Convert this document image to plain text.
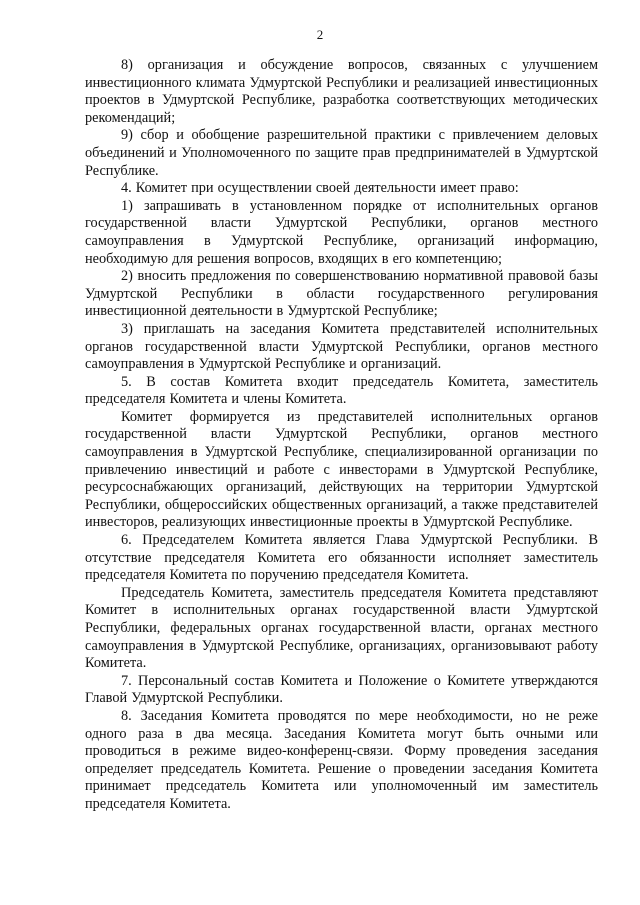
2

8) организация и обсуждение вопросов, связанных с улучшением инвестиционного климата Удмуртской Республики и реализацией инвестиционных проектов в Удмуртской Республике, разработка соответствующих методических рекомендаций;

9) сбор и обобщение разрешительной практики с привлечением деловых объединений и Уполномоченного по защите прав предпринимателей в Удмуртской Республике.

4. Комитет при осуществлении своей деятельности имеет право:

1) запрашивать в установленном порядке от исполнительных органов государственной власти Удмуртской Республики, органов местного самоуправления в Удмуртской Республике, организаций информацию, необходимую для решения вопросов, входящих в его компетенцию;

2) вносить предложения по совершенствованию нормативной правовой базы Удмуртской Республики в области государственного регулирования инвестиционной деятельности в Удмуртской Республике;

3) приглашать на заседания Комитета представителей исполнительных органов государственной власти Удмуртской Республики, органов местного самоуправления в Удмуртской Республике и организаций.

5. В состав Комитета входит председатель Комитета, заместитель председателя Комитета и члены Комитета.

Комитет формируется из представителей исполнительных органов государственной власти Удмуртской Республики, органов местного самоуправления в Удмуртской Республике, специализированной организации по привлечению инвестиций и работе с инвесторами в Удмуртской Республике, ресурсоснабжающих организаций, действующих на территории Удмуртской Республики, общероссийских общественных организаций, а также представителей инвесторов, реализующих инвестиционные проекты в Удмуртской Республике.

6. Председателем Комитета является Глава Удмуртской Республики. В отсутствие председателя Комитета его обязанности исполняет заместитель председателя Комитета по поручению председателя Комитета.

Председатель Комитета, заместитель председателя Комитета представляют Комитет в исполнительных органах государственной власти Удмуртской Республики, федеральных органах государственной власти, органах местного самоуправления в Удмуртской Республике, организациях, организовывают работу Комитета.

7. Персональный состав Комитета и Положение о Комитете утверждаются Главой Удмуртской Республики.

8. Заседания Комитета проводятся по мере необходимости, но не реже одного раза в два месяца. Заседания Комитета могут быть очными или проводиться в режиме видео-конференц-связи. Форму проведения заседания определяет председатель Комитета. Решение о проведении заседания Комитета принимает председатель Комитета или уполномоченный им заместитель председателя Комитета.
